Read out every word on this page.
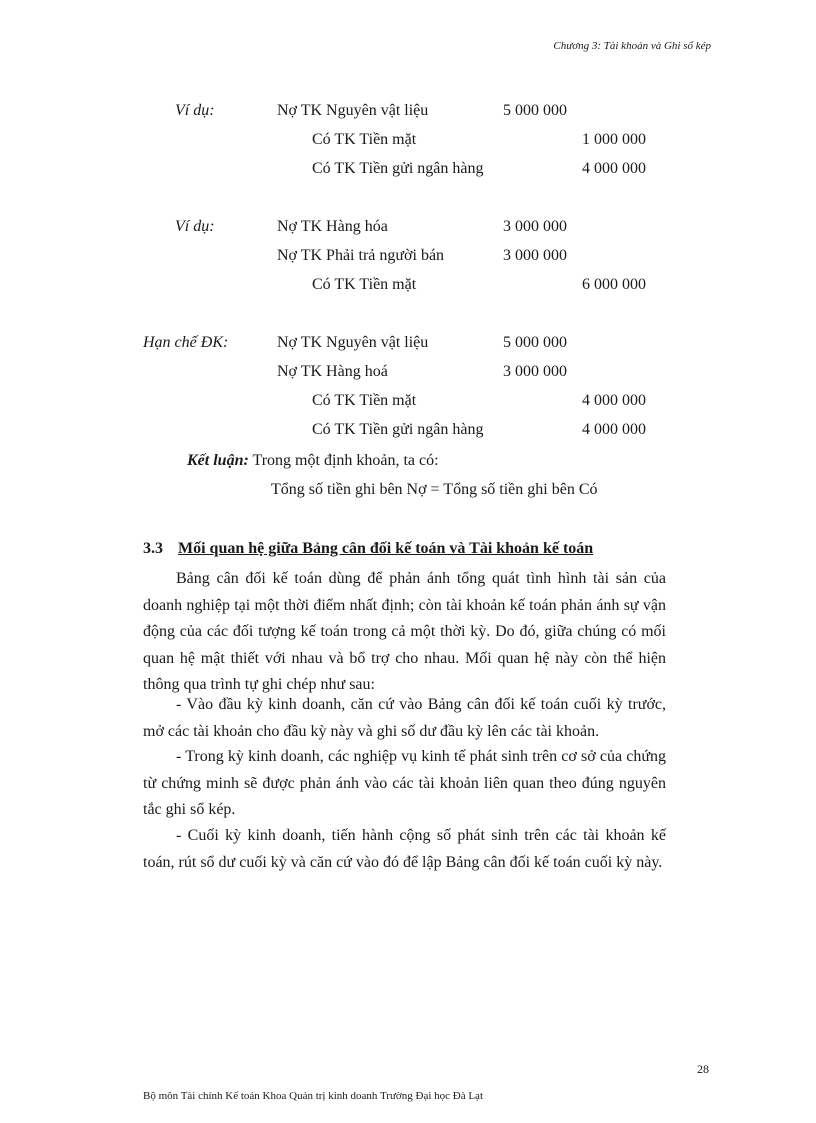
Chương 3: Tài khoản và Ghi sổ kép
Ví dụ:	Nợ TK Nguyên vật liệu	5 000 000
Có TK Tiền mặt	1 000 000
Có TK Tiền gửi ngân hàng	4 000 000
Ví dụ:	Nợ TK Hàng hóa	3 000 000
Nợ TK Phải trả người bán	3 000 000
Có TK Tiền mặt	6 000 000
Hạn chế ĐK:	Nợ TK Nguyên vật liệu	5 000 000
Nợ TK Hàng hoá	3 000 000
Có TK Tiền mặt	4 000 000
Có TK Tiền gửi ngân hàng	4 000 000
Kết luận: Trong một định khoản, ta có:
Tổng số tiền ghi bên Nợ = Tổng số tiền ghi bên Có
3.3 Mối quan hệ giữa Bảng cân đối kế toán và Tài khoản kế toán

Bảng cân đối kế toán dùng để phản ánh tổng quát tình hình tài sản của doanh nghiệp tại một thời điểm nhất định; còn tài khoản kế toán phản ánh sự vận động của các đối tượng kế toán trong cả một thời kỳ. Do đó, giữa chúng có mối quan hệ mật thiết với nhau và bổ trợ cho nhau. Mối quan hệ này còn thể hiện thông qua trình tự ghi chép như sau:

- Vào đầu kỳ kinh doanh, căn cứ vào Bảng cân đối kế toán cuối kỳ trước, mở các tài khoản cho đầu kỳ này và ghi số dư đầu kỳ lên các tài khoản.

- Trong kỳ kinh doanh, các nghiệp vụ kinh tế phát sinh trên cơ sở của chứng từ chứng minh sẽ được phản ánh vào các tài khoản liên quan theo đúng nguyên tắc ghi sổ kép.

- Cuối kỳ kinh doanh, tiến hành cộng số phát sinh trên các tài khoản kế toán, rút sổ dư cuối kỳ và căn cứ vào đó để lập Bảng cân đối kế toán cuối kỳ này.

28
Bộ môn Tài chính Kế toán Khoa Quản trị kinh doanh Trường Đại học Đà Lạt
